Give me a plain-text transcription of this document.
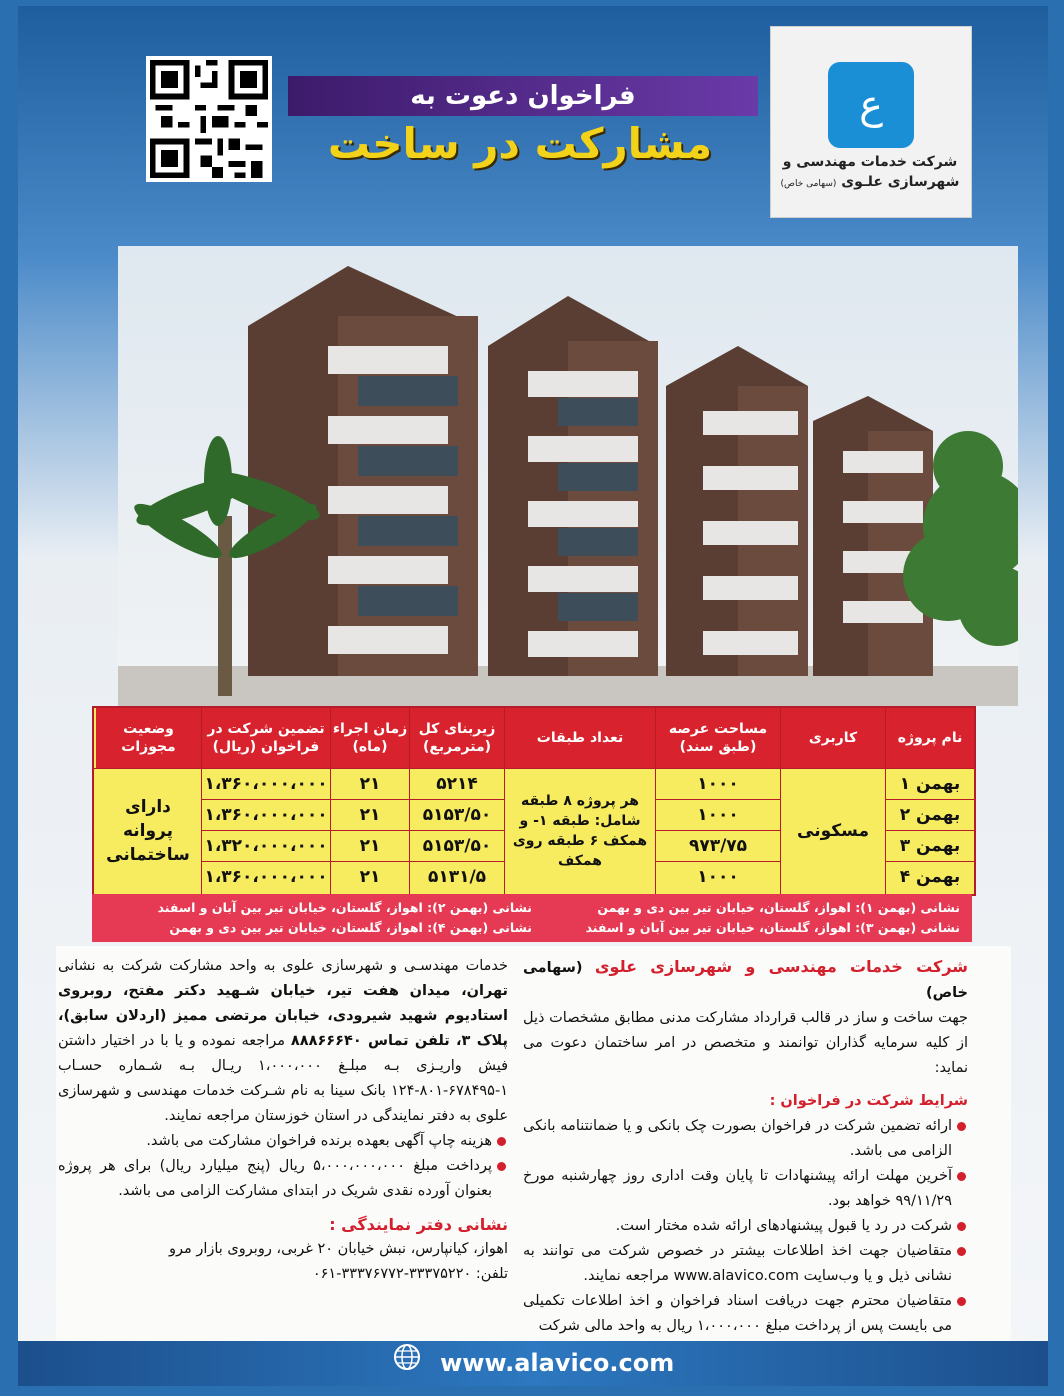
ع
شرکت خدمات مهندسی و
شهرسازی علـوی (سهامی خاص)
فراخوان دعوت به
مشارکت در ساخت
نام پروژه
کاربری
مساحت عرصه (طبق سند)
تعداد طبقات
زیربنای کل (مترمربع)
زمان اجراء (ماه)
تضمین شرکت در فراخوان (ریال)
وضعیت مجوزات
بهمن ۱
۱۰۰۰
۵۲۱۴
۲۱
۱،۳۶۰،۰۰۰،۰۰۰
بهمن ۲
۱۰۰۰
۵۱۵۳/۵۰
۲۱
۱،۳۶۰،۰۰۰،۰۰۰
بهمن ۳
۹۷۳/۷۵
۵۱۵۳/۵۰
۲۱
۱،۳۲۰،۰۰۰،۰۰۰
بهمن ۴
۱۰۰۰
۵۱۳۱/۵
۲۱
۱،۳۶۰،۰۰۰،۰۰۰
مسکونی
هر پروژه ۸ طبقه شامل: طبقه ۱- و همکف ۶ طبقه روی همکف
دارای پروانه ساختمانی
نشانی (بهمن ۱): اهواز، گلستان، خیابان تیر بین دی و بهمن
نشانی (بهمن ۲): اهواز، گلستان، خیابان تیر بین آبان و اسفند
نشانی (بهمن ۳): اهواز، گلستان، خیابان تیر بین آبان و اسفند
نشانی (بهمن ۴): اهواز، گلستان، خیابان تیر بین دی و بهمن

شرکت خدمات مهندسی و شهرسازی علوی (سهامی خاص)

جهت ساخت و ساز در قالب قرارداد مشارکت مدنی مطابق مشخصات ذیل از کلیه سرمایه گذاران توانمند و متخصص در امر ساختمان دعوت می نماید:

شرایط شرکت در فراخوان :

ارائه تضمین شرکت در فراخوان بصورت چک بانکی و یا ضمانتنامه بانکی الزامی می باشد.

آخرین مهلت ارائه پیشنهادات تا پایان وقت اداری روز چهارشنبه مورخ ۹۹/۱۱/۲۹ خواهد بود.

شرکت در رد یا قبول پیشنهادهای ارائه شده مختار است.

متقاضیان جهت اخذ اطلاعات بیشتر در خصوص شرکت می توانند به نشانی ذیل و یا وب‌سایت www.alavico.com مراجعه نمایند.

متقاضیان محترم جهت دریافت اسناد فراخوان و اخذ اطلاعات تکمیلی می بایست پس از پرداخت مبلغ ۱،۰۰۰،۰۰۰ ریال به واحد مالی شرکت

خدمات مهندسـی و شهرسازی علوی به واحد مشارکت شرکت به نشانی تهران، میدان هفت تیر، خیابان شـهید دکتر مفتح، روبروی استادیوم شهید شیرودی، خیابان مرتضی ممیز (اردلان سابق)، پلاک ۳، تلفن تماس ۸۸۸۶۶۶۴۰ مراجعه نموده و یا با در اختیار داشتن فیش واریـزی بـه مبلـغ ۱،۰۰۰،۰۰۰ ریـال بـه شـماره حسـاب ۱-۶۷۸۴۹۵-۸۰۱-۱۲۴ بانک سینا به نام شـرکت خدمات مهندسی و شهرسازی علوی به دفتر نمایندگی در استان خوزستان مراجعه نمایند.

هزینه چاپ آگهی بعهده برنده فراخوان مشارکت می باشد.

پرداخت مبلغ ۵،۰۰۰،۰۰۰،۰۰۰ ریال (پنج میلیارد ریال) برای هر پروژه بعنوان آورده نقدی شریک در ابتدای مشارکت الزامی می باشد.

نشانی دفتر نمایندگی :

اهواز، کیانپارس، نبش خیابان ۲۰ غربی، روبروی بازار مرو

تلفن: ۳۳۳۷۵۲۲۰-۳۳۳۷۶۷۷۲-۰۶۱

www.alavico.com
